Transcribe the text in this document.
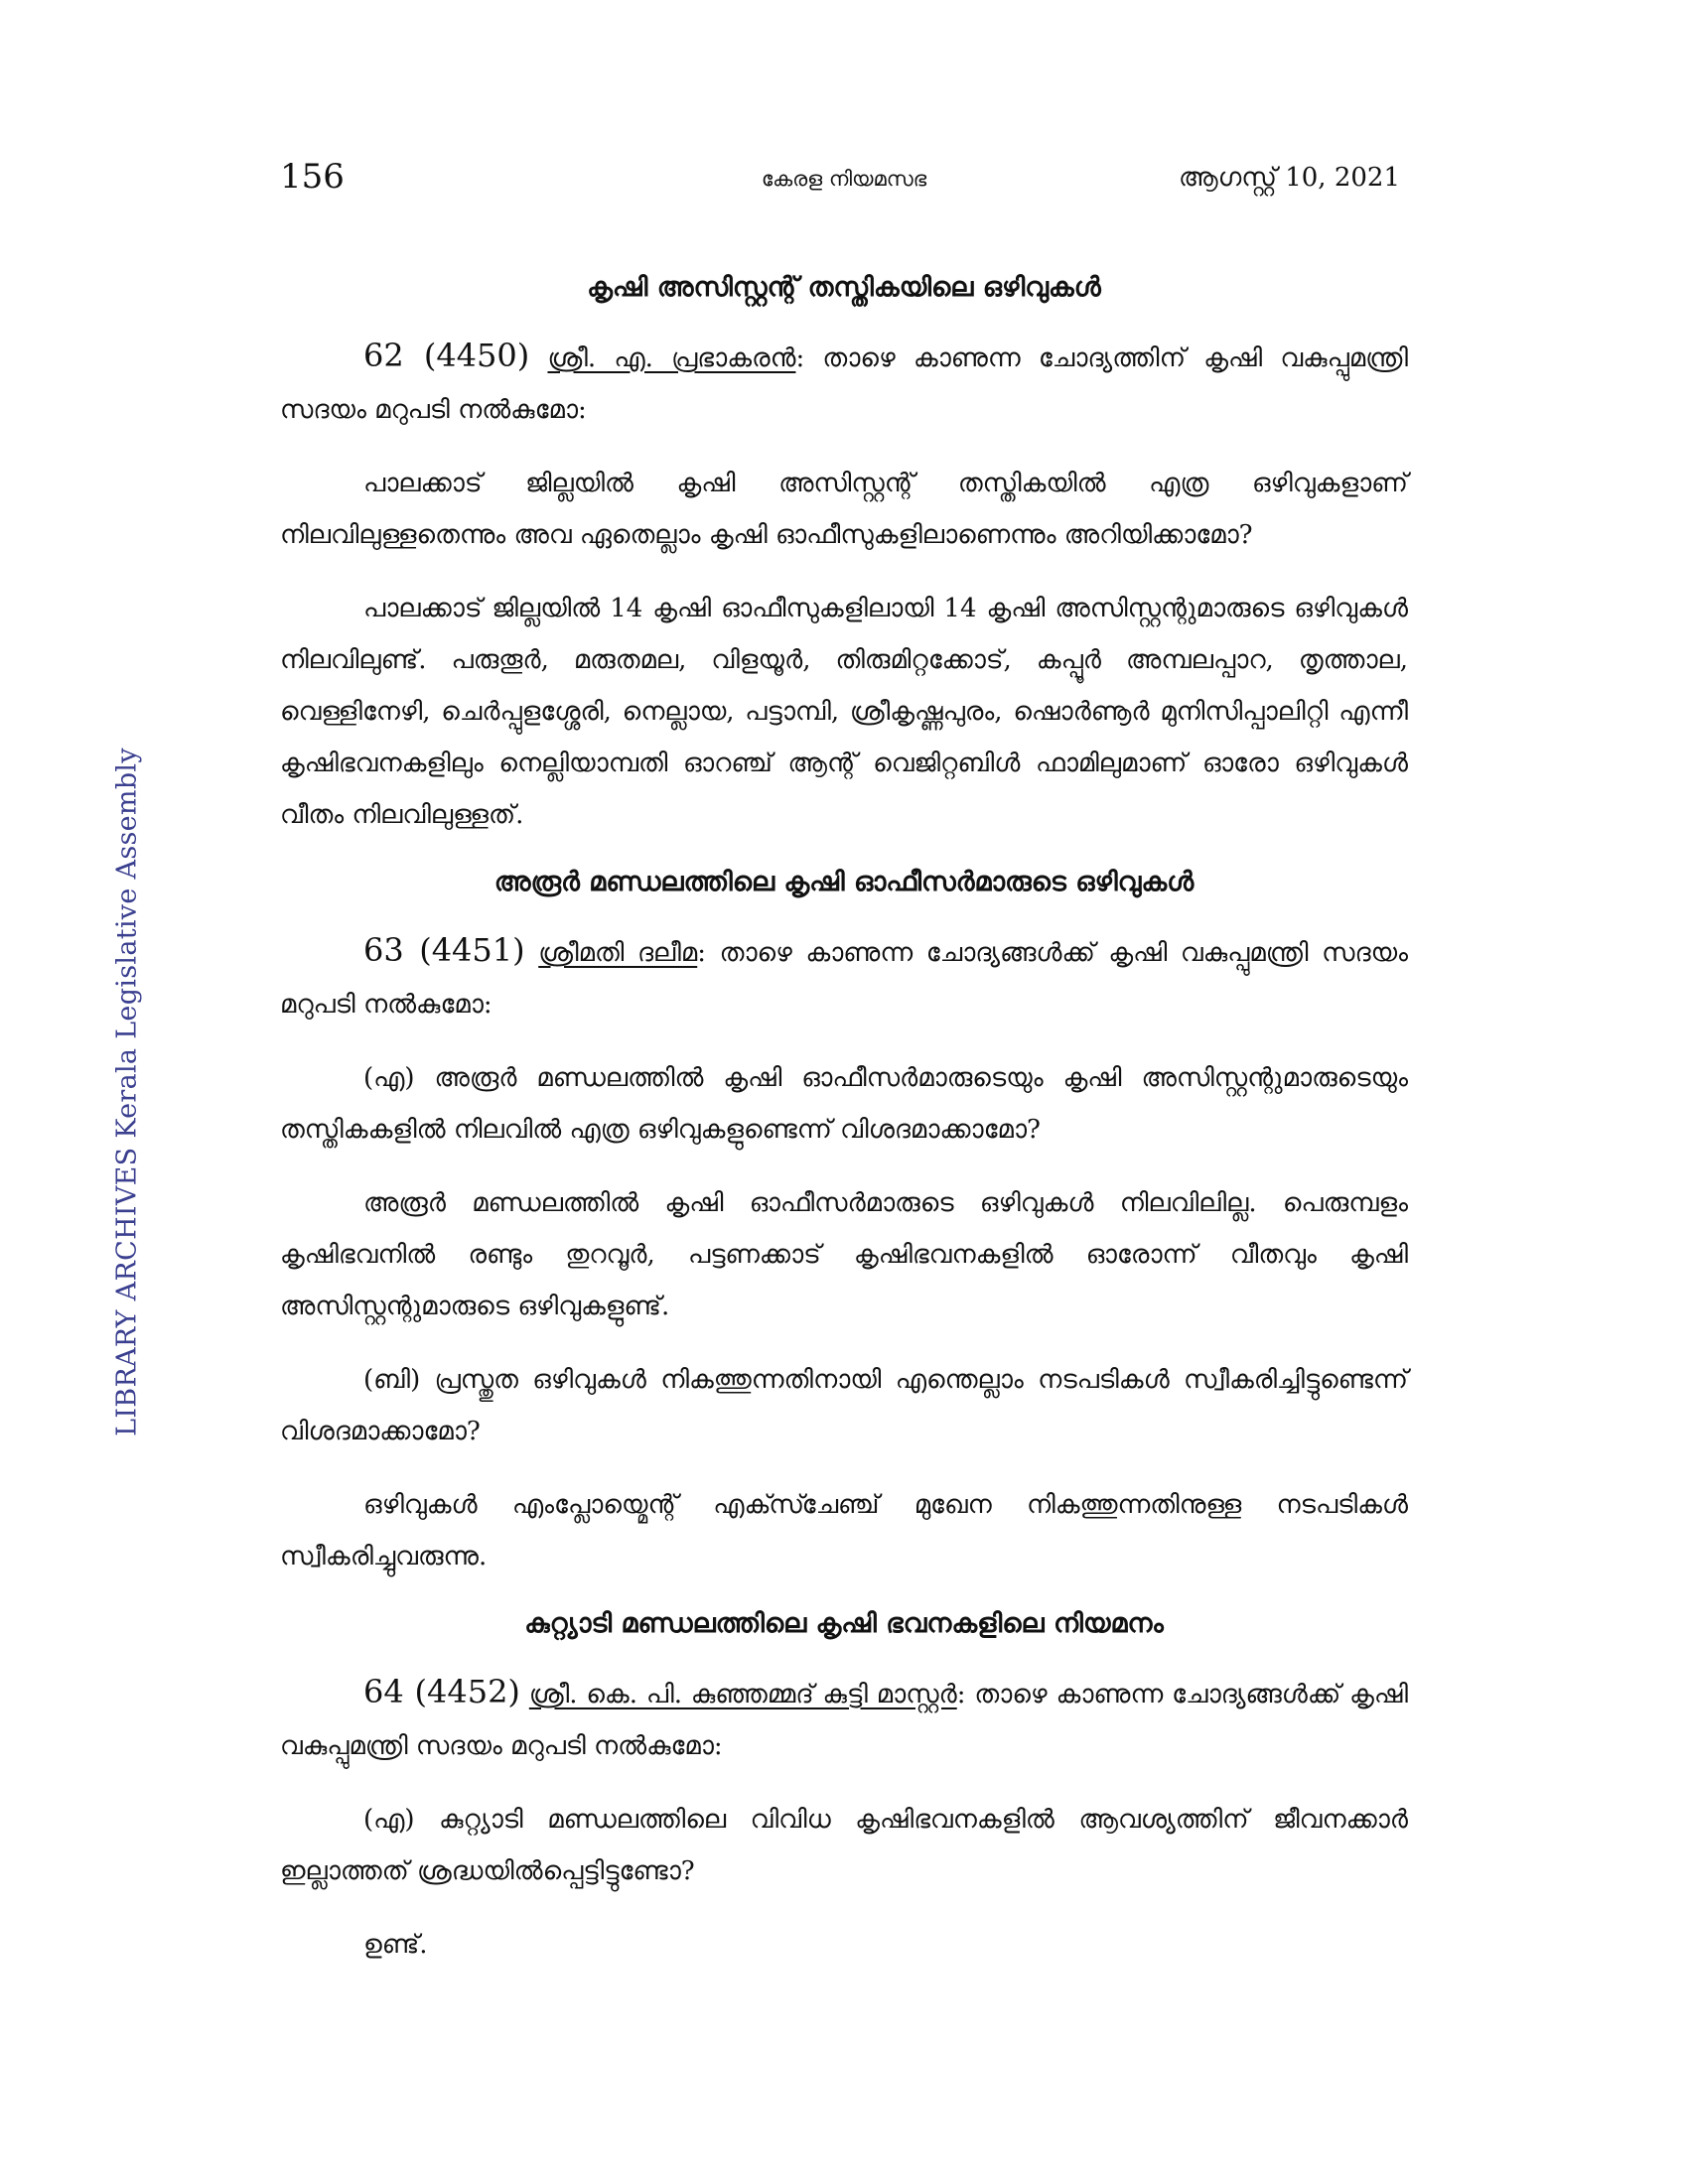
156	കേരള നിയമസഭ	ആഗസ്റ്റ് 10, 2021
LIBRARY ARCHIVES Kerala Legislative Assembly
കൃഷി അസിസ്റ്റന്റ് തസ്തികയിലെ ഒഴിവുകൾ

62 (4450) ശ്രീ. എ. പ്രഭാകരൻ: താഴെ കാണുന്ന ചോദ്യത്തിന് കൃഷി വകുപ്പുമന്ത്രി സദയം മറുപടി നൽകുമോ:

പാലക്കാട് ജില്ലയിൽ കൃഷി അസിസ്റ്റന്റ് തസ്തികയിൽ എത്ര ഒഴിവുകളാണ് നിലവിലുള്ളതെന്നും അവ ഏതെല്ലാം കൃഷി ഓഫീസുകളിലാണെന്നും അറിയിക്കാമോ?

പാലക്കാട് ജില്ലയിൽ 14 കൃഷി ഓഫീസുകളിലായി 14 കൃഷി അസിസ്റ്റന്റുമാരുടെ ഒഴിവുകൾ നിലവിലുണ്ട്. പരുതൂർ, മരുതമല, വിളയൂർ, തിരുമിറ്റക്കോട്, കപ്പൂർ അമ്പലപ്പാറ, തൃത്താല, വെള്ളിനേഴി, ചെർപ്പുളശ്ശേരി, നെല്ലായ, പട്ടാമ്പി, ശ്രീകൃഷ്ണപുരം, ഷൊർണൂർ മുനിസിപ്പാലിറ്റി എന്നീ കൃഷിഭവനകളിലും നെല്ലിയാമ്പതി ഓറഞ്ച് ആന്റ് വെജിറ്റബിൾ ഫാമിലുമാണ് ഓരോ ഒഴിവുകൾ വീതം നിലവിലുള്ളത്.

അരൂർ മണ്ഡലത്തിലെ കൃഷി ഓഫീസർമാരുടെ ഒഴിവുകൾ

63 (4451) ശ്രീമതി ദലീമ: താഴെ കാണുന്ന ചോദ്യങ്ങൾക്ക് കൃഷി വകുപ്പുമന്ത്രി സദയം മറുപടി നൽകുമോ:

(എ) അരൂർ മണ്ഡലത്തിൽ കൃഷി ഓഫീസർമാരുടെയും കൃഷി അസിസ്റ്റന്റുമാരുടെയും തസ്തികകളിൽ നിലവിൽ എത്ര ഒഴിവുകളുണ്ടെന്ന് വിശദമാക്കാമോ?

അരൂർ മണ്ഡലത്തിൽ കൃഷി ഓഫീസർമാരുടെ ഒഴിവുകൾ നിലവിലില്ല. പെരുമ്പളം കൃഷിഭവനിൽ രണ്ടും തുറവൂർ, പട്ടണക്കാട് കൃഷിഭവനകളിൽ ഓരോന്ന് വീതവും കൃഷി അസിസ്റ്റന്റുമാരുടെ ഒഴിവുകളുണ്ട്.

(ബി) പ്രസ്തുത ഒഴിവുകൾ നികത്തുന്നതിനായി എന്തെല്ലാം നടപടികൾ സ്വീകരിച്ചിട്ടുണ്ടെന്ന് വിശദമാക്കാമോ?

ഒഴിവുകൾ എംപ്ലോയ്മെന്റ് എക്സ്ചേഞ്ച് മുഖേന നികത്തുന്നതിനുള്ള നടപടികൾ സ്വീകരിച്ചുവരുന്നു.

കുറ്റ്യാടി മണ്ഡലത്തിലെ കൃഷി ഭവനകളിലെ നിയമനം

64 (4452) ശ്രീ. കെ. പി. കുഞ്ഞമ്മദ് കുട്ടി മാസ്റ്റർ: താഴെ കാണുന്ന ചോദ്യങ്ങൾക്ക് കൃഷി വകുപ്പുമന്ത്രി സദയം മറുപടി നൽകുമോ:

(എ) കുറ്റ്യാടി മണ്ഡലത്തിലെ വിവിധ കൃഷിഭവനകളിൽ ആവശ്യത്തിന് ജീവനക്കാർ ഇല്ലാത്തത് ശ്രദ്ധയിൽപ്പെട്ടിട്ടുണ്ടോ?

ഉണ്ട്.
